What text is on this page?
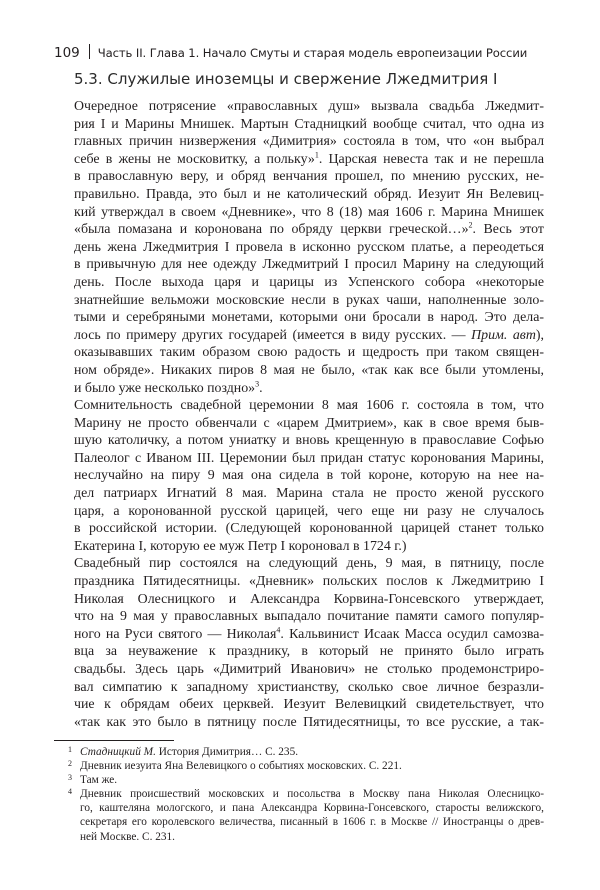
109 Часть II. Глава 1. Начало Смуты и старая модель европеизации России
5.3. Служилые иноземцы и свержение Лжедмитрия I

Очередное потрясение «православных душ» вызвала свадьба Лжедмит-
рия I и Марины Мнишек. Мартын Стадницкий вообще считал, что одна из
главных причин низвержения «Димитрия» состояла в том, что «он выбрал
себе в жены не московитку, а польку»$^1$. Царская невеста так и не перешла
в православную веру, и обряд венчания прошел, по мнению русских, не-
правильно. Правда, это был и не католический обряд. Иезуит Ян Велевиц-
кий утверждал в своем «Дневнике», что 8 (18) мая 1606 г. Марина Мнишек
«была помазана и коронована по обряду церкви греческой…»$^2$. Весь этот
день жена Лжедмитрия I провела в исконно русском платье, а переодеться
в привычную для нее одежду Лжедмитрий I просил Марину на следующий
день. После выхода царя и царицы из Успенского собора «некоторые
знатнейшие вельможи московские несли в руках чаши, наполненные золо-
тыми и серебряными монетами, которыми они бросали в народ. Это дела-
лось по примеру других государей (имеется в виду русских. — Прим. авт),
оказывавших таким образом свою радость и щедрость при таком священ-
ном обряде». Никаких пиров 8 мая не было, «так как все были утомлены,
и было уже несколько поздно»$^3$.

Сомнительность свадебной церемонии 8 мая 1606 г. состояла в том, что
Марину не просто обвенчали с «царем Дмитрием», как в свое время быв-
шую католичку, а потом униатку и вновь крещенную в православие Софью
Палеолог с Иваном III. Церемонии был придан статус коронования Марины,
неслучайно на пиру 9 мая она сидела в той короне, которую на нее на-
дел патриарх Игнатий 8 мая. Марина стала не просто женой русского
царя, а коронованной русской царицей, чего еще ни разу не случалось
в российской истории. (Следующей коронованной царицей станет только
Екатерина I, которую ее муж Петр I короновал в 1724 г.)

Свадебный пир состоялся на следующий день, 9 мая, в пятницу, после
праздника Пятидесятницы. «Дневник» польских послов к Лжедмитрию I
Николая Олесницкого и Александра Корвина-Гонсевского утверждает,
что на 9 мая у православных выпадало почитание памяти самого популяр-
ного на Руси святого — Николая$^4$. Кальвинист Исаак Масса осудил самозва-
вца за неуважение к празднику, в который не принято было играть
свадьбы. Здесь царь «Димитрий Иванович» не столько продемонстриро-
вал симпатию к западному христианству, сколько свое личное безразли-
чие к обрядам обеих церквей. Иезуит Велевицкий свидетельствует, что
«так как это было в пятницу после Пятидесятницы, то все русские, а так-

1 Стадницкий М. История Димитрия… С. 235.
2 Дневник иезуита Яна Велевицкого о событиях московских. С. 221.
3 Там же.
4 Дневник происшествий московских и посольства в Москву пана Николая Олесницко-
го, каштеляна мологского, и пана Александра Корвина-Гонсевского, старосты велижского,
секретаря его королевского величества, писанный в 1606 г. в Москве // Иностранцы о древ-
ней Москве. С. 231.
